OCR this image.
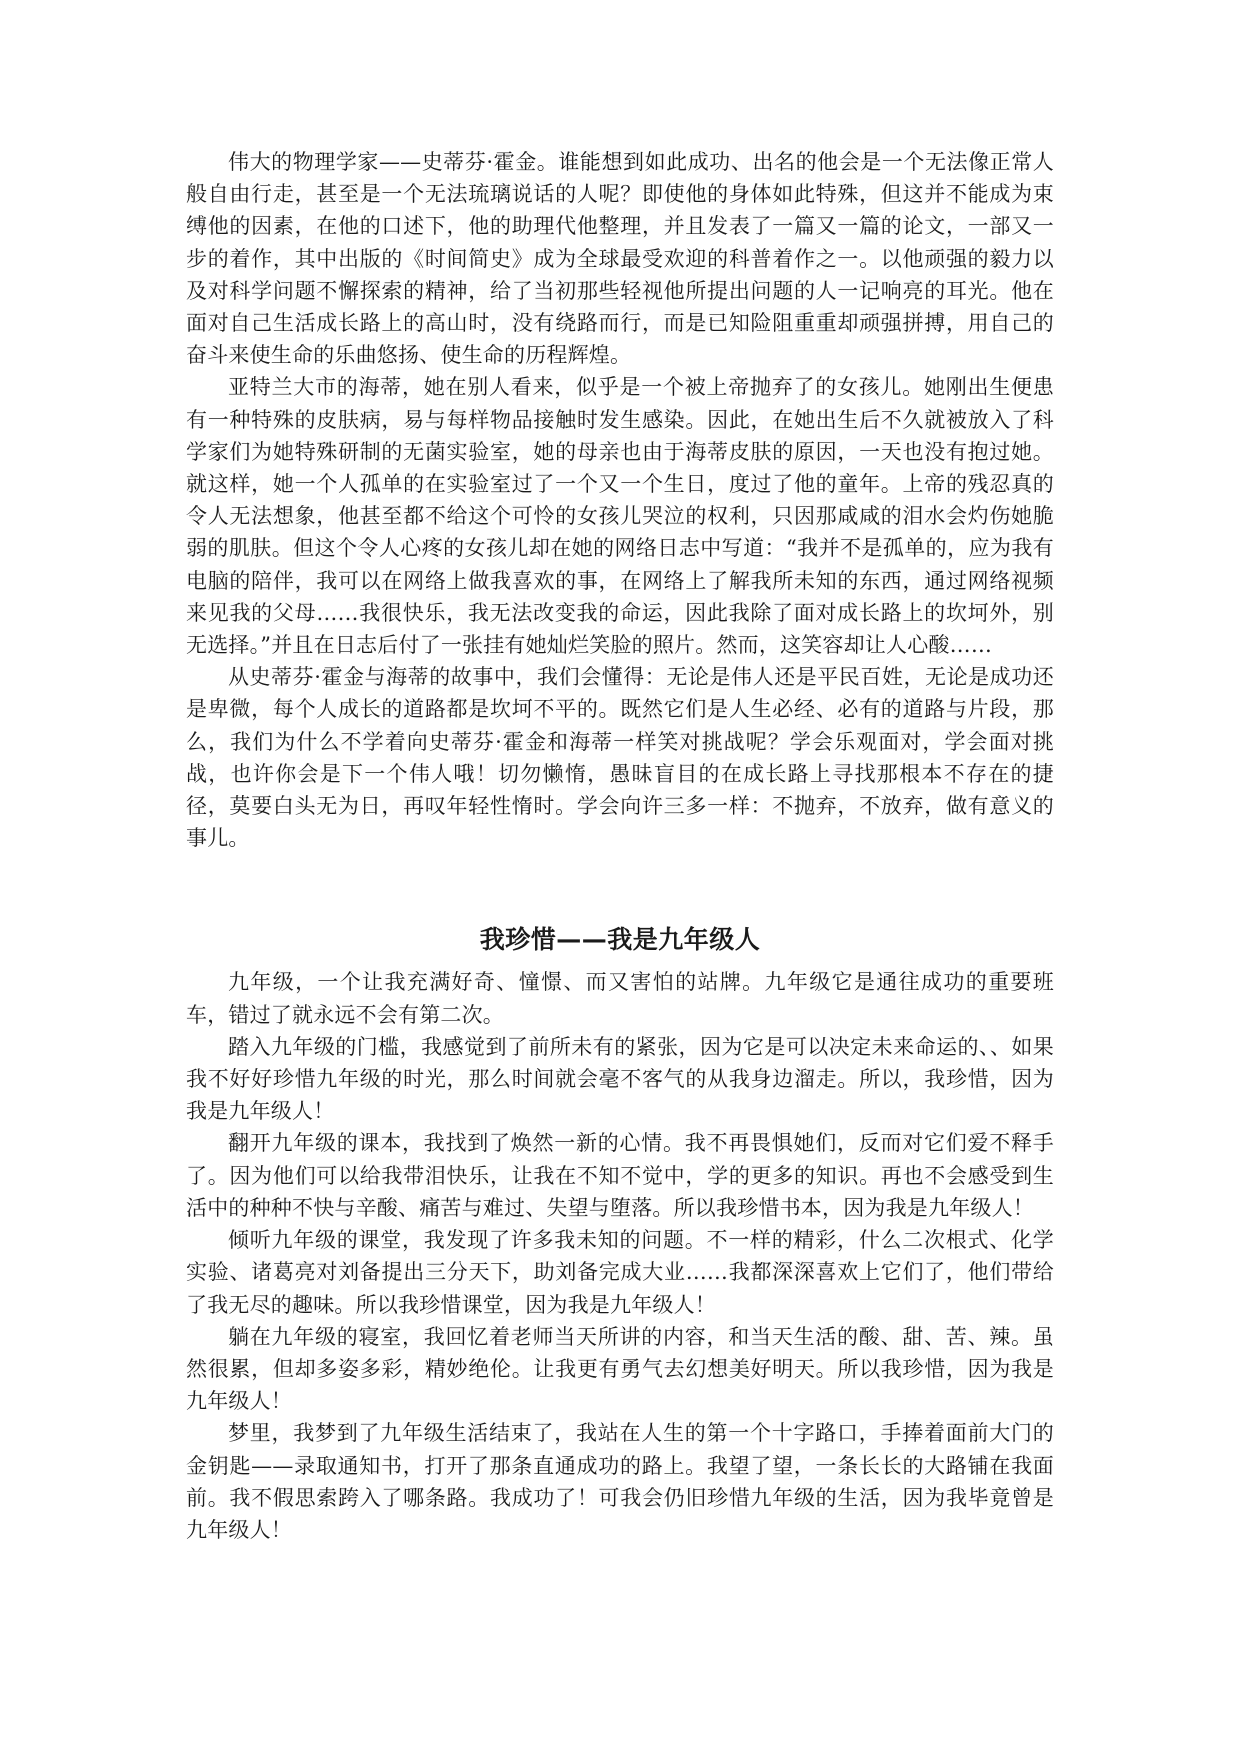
伟大的物理学家——史蒂芬·霍金。谁能想到如此成功、出名的他会是一个无法像正常人般自由行走，甚至是一个无法琉璃说话的人呢？即使他的身体如此特殊，但这并不能成为束缚他的因素，在他的口述下，他的助理代他整理，并且发表了一篇又一篇的论文，一部又一步的着作，其中出版的《时间简史》成为全球最受欢迎的科普着作之一。以他顽强的毅力以及对科学问题不懈探索的精神，给了当初那些轻视他所提出问题的人一记响亮的耳光。他在面对自己生活成长路上的高山时，没有绕路而行，而是已知险阻重重却顽强拼搏，用自己的奋斗来使生命的乐曲悠扬、使生命的历程辉煌。

亚特兰大市的海蒂，她在别人看来，似乎是一个被上帝抛弃了的女孩儿。她刚出生便患有一种特殊的皮肤病，易与每样物品接触时发生感染。因此，在她出生后不久就被放入了科学家们为她特殊研制的无菌实验室，她的母亲也由于海蒂皮肤的原因，一天也没有抱过她。就这样，她一个人孤单的在实验室过了一个又一个生日，度过了他的童年。上帝的残忍真的令人无法想象，他甚至都不给这个可怜的女孩儿哭泣的权利，只因那咸咸的泪水会灼伤她脆弱的肌肤。但这个令人心疼的女孩儿却在她的网络日志中写道：“我并不是孤单的，应为我有电脑的陪伴，我可以在网络上做我喜欢的事，在网络上了解我所未知的东西，通过网络视频来见我的父母……我很快乐，我无法改变我的命运，因此我除了面对成长路上的坎坷外，别无选择。”并且在日志后付了一张挂有她灿烂笑脸的照片。然而，这笑容却让人心酸……

从史蒂芬·霍金与海蒂的故事中，我们会懂得：无论是伟人还是平民百姓，无论是成功还是卑微，每个人成长的道路都是坎坷不平的。既然它们是人生必经、必有的道路与片段，那么，我们为什么不学着向史蒂芬·霍金和海蒂一样笑对挑战呢？学会乐观面对，学会面对挑战，也许你会是下一个伟人哦！切勿懒惰，愚昧盲目的在成长路上寻找那根本不存在的捷径，莫要白头无为日，再叹年轻性惰时。学会向许三多一样：不抛弃，不放弃，做有意义的事儿。

我珍惜——我是九年级人

九年级，一个让我充满好奇、憧憬、而又害怕的站牌。九年级它是通往成功的重要班车，错过了就永远不会有第二次。

踏入九年级的门槛，我感觉到了前所未有的紧张，因为它是可以决定未来命运的、、如果我不好好珍惜九年级的时光，那么时间就会毫不客气的从我身边溜走。所以，我珍惜，因为我是九年级人！

翻开九年级的课本，我找到了焕然一新的心情。我不再畏惧她们，反而对它们爱不释手了。因为他们可以给我带泪快乐，让我在不知不觉中，学的更多的知识。再也不会感受到生活中的种种不快与辛酸、痛苦与难过、失望与堕落。所以我珍惜书本，因为我是九年级人！

倾听九年级的课堂，我发现了许多我未知的问题。不一样的精彩，什么二次根式、化学实验、诸葛亮对刘备提出三分天下，助刘备完成大业……我都深深喜欢上它们了，他们带给了我无尽的趣味。所以我珍惜课堂，因为我是九年级人！

躺在九年级的寝室，我回忆着老师当天所讲的内容，和当天生活的酸、甜、苦、辣。虽然很累，但却多姿多彩，精妙绝伦。让我更有勇气去幻想美好明天。所以我珍惜，因为我是九年级人！

梦里，我梦到了九年级生活结束了，我站在人生的第一个十字路口，手捧着面前大门的金钥匙——录取通知书，打开了那条直通成功的路上。我望了望，一条长长的大路铺在我面前。我不假思索跨入了哪条路。我成功了！可我会仍旧珍惜九年级的生活，因为我毕竟曾是九年级人！
